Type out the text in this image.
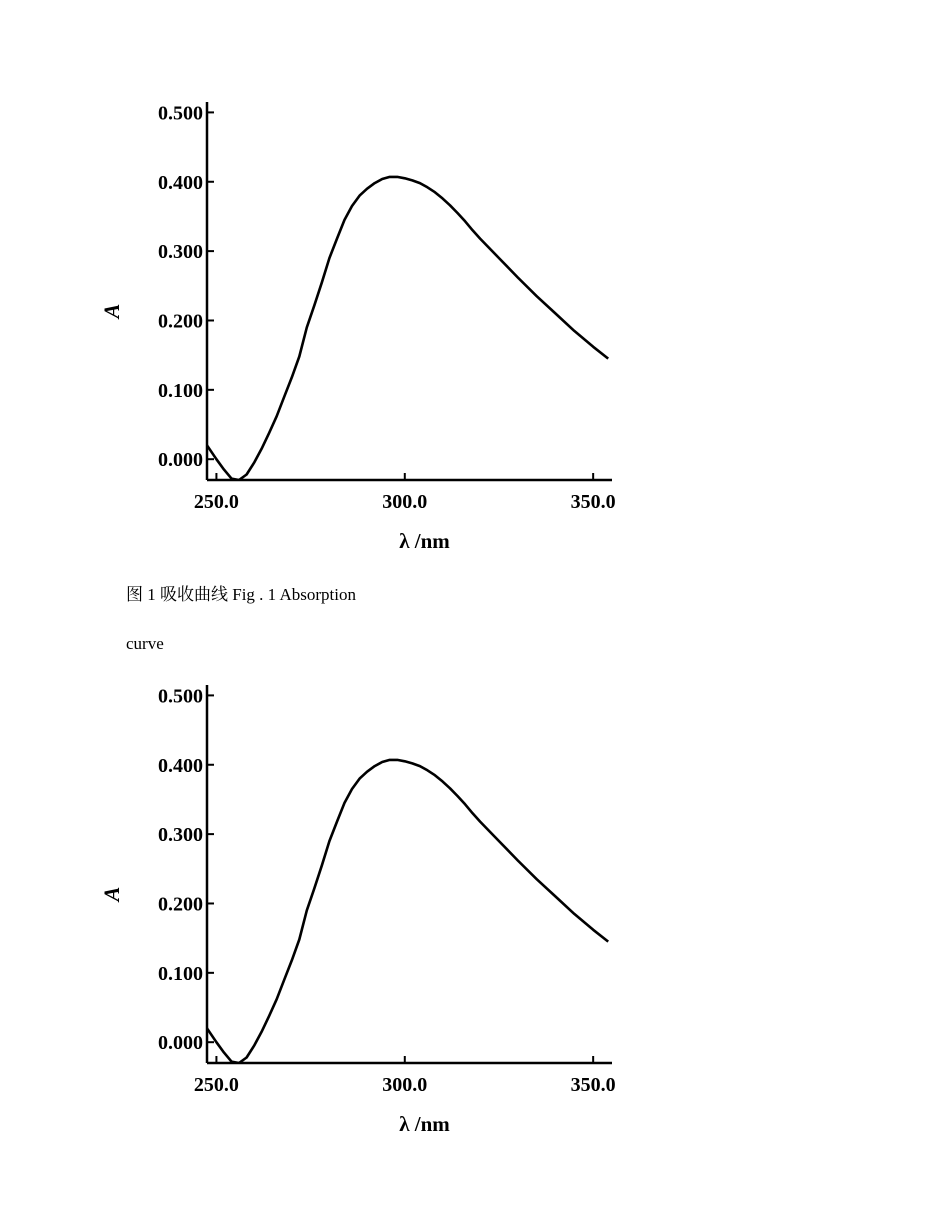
0.000
0.100
0.200
0.300
0.400
0.500
250.0	300.0	350.0
λ /nm
A
图 1 吸收曲线 Fig . 1 Absorption
curve
0.000
0.100
0.200
0.300
0.400
0.500
250.0	300.0	350.0
λ /nm
A
